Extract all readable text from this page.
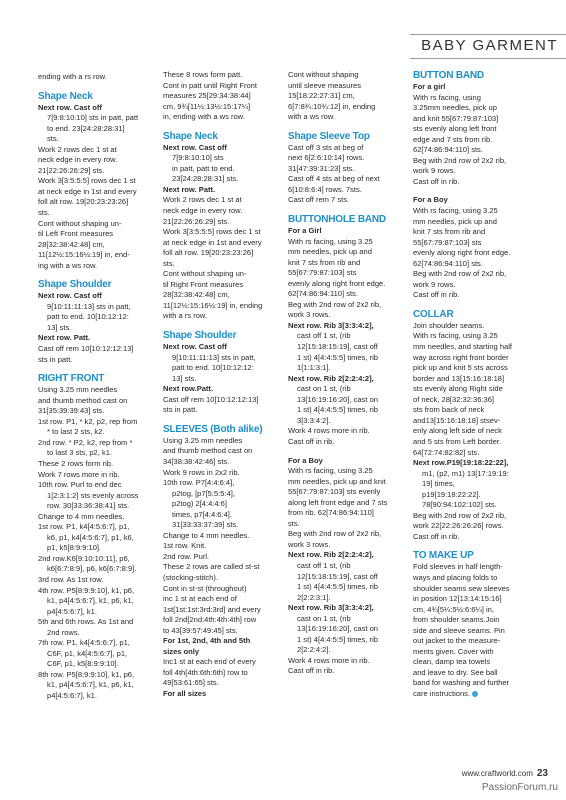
BABY GARMENT

ending with a rs row.

Shape Neck

Next row. Cast off

7[9:8:10:10] sts in patt, patt

to end. 23[24:28:28:31]

sts.

Work 2 rows dec 1 st at

neck edge in every row.

21[22:26:26:29] sts.

Work 3[3:5:5:5] rows dec 1 st

at neck edge in 1st and every

foll alt row. 19[20:23:23:26]

sts.

Cont without shaping un-

til Left Front measures

28[32:38:42:48] cm,

11[12½:15:16½:19] in, end-

ing with a ws row.

Shape Shoulder

Next row. Cast off

9[10:11:11:13] sts in patt,

patt to end. 10[10:12:12:

13] sts.

Next row. Patt.

Cast off rem 10[10:12:12:13]

sts in patt.

RIGHT FRONT

Using 3.25 mm needles

and thumb method cast on

31[35:39:39:43] sts.

1st row. P1, * k2, p2, rep from

* to last 2 sts, k2.

2nd row. * P2, k2, rep from *

to last 3 sts, p2, k1.

These 2 rows form rib.

Work 7 rows more in rib.

10th row. Purl to end dec

1[2:3:1:2] sts evenly across

row. 30[33:36:38:41] sts.

Change to 4 mm needles.

1st row. P1, k4[4:5:6:7], p1,

k6, p1, k4[4:5:6:7], p1, k6,

p1, k5[8:9:9:10].

2nd row.K6[9:10:10:11], p6,

k6[6:7:8:9], p6, k6[6:7:8:9].

3rd row. As 1st row.

4th row. P5[8:9:9:10], k1, p6,

k1, p4[4:5:6:7], k1, p6, k1,

p4[4:5:6:7], k1.

5th and 6th rows. As 1st and

2nd rows.

7th row. P1, k4[4:5:6:7], p1,

C6F, p1, k4[4:5:6:7], p1,

C6F, p1, k5[8:9:9:10].

8th row. P5[8:9:9:10], k1, p6,

k1, p4[4:5:6:7], k1, p6, k1,

p4[4:5:6:7], k1.

These 8 rows form patt.

Cont in patt until Right Front

measures 25[29:34:38:44]

cm, 9¾[11½:13½:15:17¼]

in, ending with a ws row.

Shape Neck

Next row. Cast off

7[9:8:10:10] sts

in patt, patt to end.

23[24:28:28:31] sts.

Next row. Patt.

Work 2 rows dec 1 st at

neck edge in every row.

21[22:26:26:29] sts.

Work 3[3:5:5:5] rows dec 1 st

at neck edge in 1st and every

foll alt row. 19[20:23:23:26]

sts.

Cont without shaping un-

til Right Front measures

28[32:38:42:48] cm,

11[12½:15:16½:19] in, ending

with a rs row.

Shape Shoulder

Next row. Cast off

9[10:11:11:13] sts in patt,

patt to end. 10[10:12:12:

13] sts.

Next row.Patt.

Cast off rem 10[10:12:12:13]

sts in patt.

SLEEVES (Both alike)

Using 3.25 mm needles

and thumb method cast on

34[38:38:42:46] sts.

Work 9 rows in 2x2 rib.

10th row. P7[4:4:6:4],

p2tog, [p7[5:5:5:4],

p2tog) 2[4:4:4:6]

times, p7[4:4:6:4].

31[33:33:37:39] sts.

Change to 4 mm needles.

1st row. Knit.

2nd row. Purl.

These 2 rows are called st-st

(stocking-stitch).

Cont in st-st (throughout)

inc 1 st at each end of

1st[1st:1st:3rd:3rd] and every

foll 2nd[2nd:4th:4th:4th] row

to 43[39:57:49:45] sts.

For 1st, 2nd, 4th and 5th

sizes only

Inc1 st at each end of every

foll 4th[4th:6th:6th] row to

49[53:61:65] sts.

For all sizes

Cont without shaping

until sleeve measures

15[18:22:27:31] cm,

6[7:8¾:10¾:12] in, ending

with a ws row.

Shape Sleeve Top

Cast off 3 sts at beg of

next 6[2:6:10:14] rows.

31[47:39:31:23] sts.

Cast off 4 sts at beg of next

6[10:8:6:4] rows. 7sts.

Cast off rem 7 sts.

BUTTONHOLE BAND

For a Girl

With rs facing, using 3.25

mm needles, pick up and

knit 7 sts from rib and

55[67:79:87:103] sts

evenly along right front edge.

62[74:86:94:110] sts.

Beg with 2nd row of 2x2 rib,

work 3 rows.

Next row. Rib 3[3:3:4:2],

cast off 1 st, (rib

12[15:18:15:19], cast off

1 st) 4[4:4:5:5] times, rib

1[1:1:3:1].

Next row. Rib 2[2:2:4:2],

cast on 1 st, (rib

13[16:19:16:20], cast on

1 st) 4[4:4:5:5] times, rib

3[3:3:4:2].

Work 4 rows more in rib.

Cast off in rib.

For a Boy

With rs facing, using 3.25

mm needles, pick up and knit

55[67:79:87:103] sts evenly

along left front edge and 7 sts

from rib. 62[74:86:94:110]

sts.

Beg with 2nd row of 2x2 rib,

work 3 rows.

Next row. Rib 2[2:2:4:2],

cast off 1 st, (rib

12[15:18:15:19], cast off

1 st) 4[4:4:5:5] times, rib

2[2:2:3:1].

Next row. Rib 3[3:3:4:2],

cast on 1 st, (rib

13[16:19:16:20], cast on

1 st) 4[4:4:5:5] times, rib

2[2:2:4:2].

Work 4 rows more in rib.

Cast off in rib.

BUTTON BAND

For a girl

With rs facing, using

3.25mm needles, pick up

and knit 55[67:79:87:103]

sts evenly along left front

edge and 7 sts from rib.

62[74:86:94:110] sts.

Beg with 2nd row of 2x2 rib,

work 9 rows.

Cast off in rib.

For a Boy

With rs facing, using 3.25

mm needles, pick up and

knit 7 sts from rib and

55[67:79:87:103] sts

evenly along right front edge.

62[74:86:94:110] sts.

Beg with 2nd row of 2x2 rib,

work 9 rows.

Cast off in rib.

COLLAR

Join shoulder seams.

With rs facing, using 3.25

mm needles, and starting half

way across right front border

pick up and knit 5 sts across

border and 13[15:16:18:18]

sts evenly along Right side

of neck, 28[32:32:36:36]

sts from back of neck

and13[15:16:18:18] stsev-

enly along left side of neck

and 5 sts from Left border.

64[72:74:82:82] sts.

Next row.P19[19:18:22:22],

m1, (p2, m1) 13[17:19:19:

19] times,

p19[19:18:22:22].

78[90:94:102:102] sts.

Beg with 2nd row of 2x2 rib,

work 22[22:26:26:26] rows.

Cast off in rib.

TO MAKE UP

Fold sleeves in half length-

ways and placing folds to

shoulder seams sew sleeves

in position 12[13:14:15:16]

cm, 4¾[5¼:5½:6:6¼] in,

from shoulder seams.Join

side and sleeve seams. Pin

out jacket to the measure-

ments given. Cover with

clean, damp tea towels

and leave to dry. See ball

band for washing and further

care instructions.

www.craftworld.com 23
PassionForum.ru
